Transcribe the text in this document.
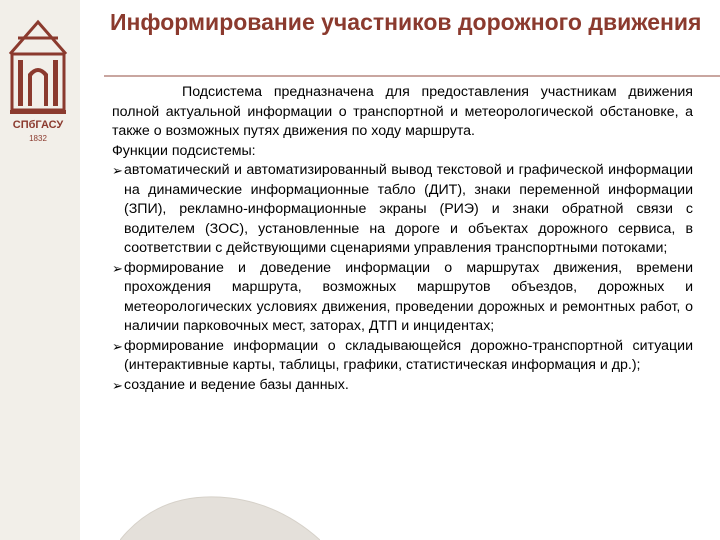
СПбГАСУ
1832
Информирование участников дорожного движения

Подсистема предназначена для предоставления участникам движения полной актуальной информации о транспортной и метеорологической обстановке, а также о возможных путях движения по ходу маршрута.

Функции подсистемы:

➢ автоматический и автоматизированный вывод текстовой и графической информации на динамические информационные табло (ДИТ), знаки переменной информации (ЗПИ), рекламно-информационные экраны (РИЭ) и знаки обратной связи с водителем (ЗОС), установленные на дороге и объектах дорожного сервиса, в соответствии с действующими сценариями управления транспортными потоками;
➢ формирование и доведение информации о маршрутах движения, времени прохождения маршрута, возможных маршрутов объездов, дорожных и метеорологических условиях движения, проведении дорожных и ремонтных работ, о наличии парковочных мест, заторах, ДТП и инцидентах;
➢ формирование информации о складывающейся дорожно-транспортной ситуации (интерактивные карты, таблицы, графики, статистическая информация и др.);
➢ создание и ведение базы данных.
